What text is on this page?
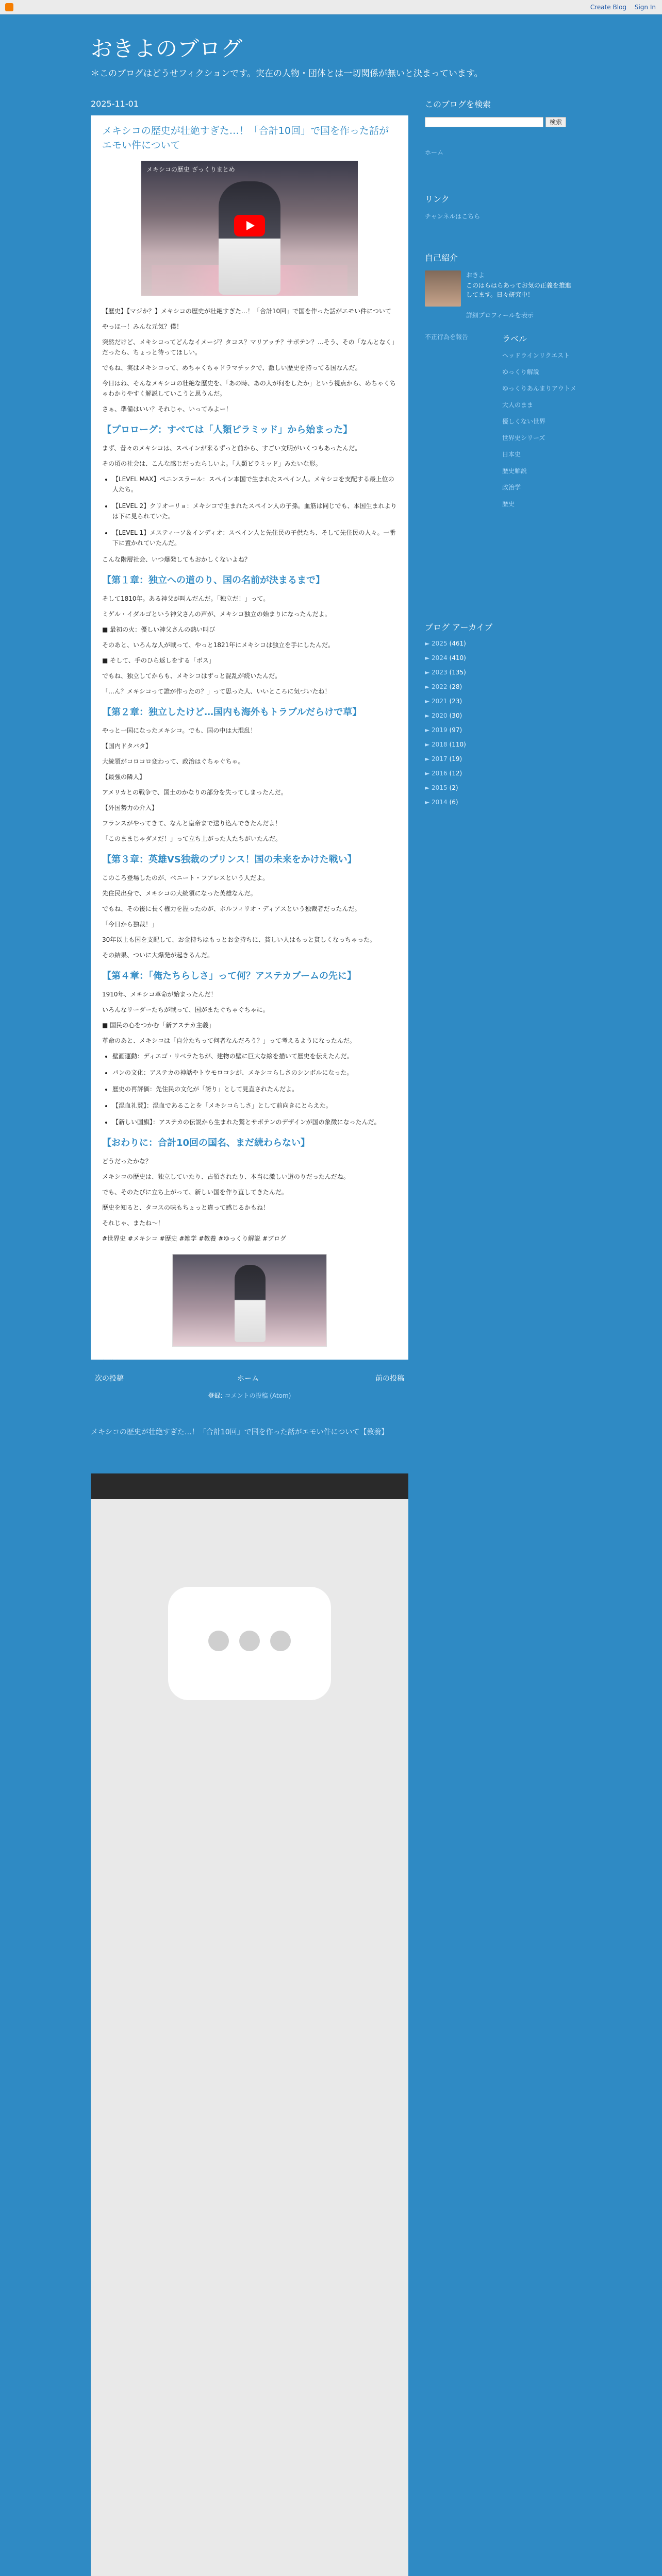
Create Blog Sign In
おきよのブログ
＊このブログはどうせフィクションです。実在の人物・団体とは一切関係が無いと決まっています。
2025-11-01
メキシコの歴史が壮絶すぎた…！「合計10回」で国を作った話がエモい件について
メキシコの歴史 ざっくりまとめ

【歴史】【マジか？】メキシコの歴史が壮絶すぎた…！「合計10回」で国を作った話がエモい件について

やっほー！みんな元気？僕！

突然だけど、メキシコってどんなイメージ？タコス？マリアッチ？サボテン？…そう、その「なんとなく」だったら、ちょっと待ってほしい。

でもね、実はメキシコって、めちゃくちゃドラマチックで、激しい歴史を持ってる国なんだ。

今日はね、そんなメキシコの壮絶な歴史を、「あの時、あの人が何をしたか」という視点から、めちゃくちゃわかりやすく解説していこうと思うんだ。

さぁ、準備はいい？それじゃ、いってみよー！

【プロローグ：すべては「人類ピラミッド」から始まった】

まず、昔々のメキシコは、スペインが来るずっと前から、すごい文明がいくつもあったんだ。

その頃の社会は、こんな感じだったらしいよ。「人類ピラミッド」みたいな形。

• 【LEVEL MAX】ペニンスラール：スペイン本国で生まれたスペイン人。メキシコを支配する最上位の人たち。
• 【LEVEL 2】クリオーリョ：メキシコで生まれたスペイン人の子孫。血筋は同じでも、本国生まれよりは下に見られていた。
• 【LEVEL 1】メスティーソ＆インディオ：スペイン人と先住民の子供たち、そして先住民の人々。一番下に置かれていたんだ。

こんな階層社会、いつ爆発してもおかしくないよね？

【第１章：独立への道のり、国の名前が決まるまで】

そして1810年。ある神父が叫んだんだ。「独立だ！」って。

ミゲル・イダルゴという神父さんの声が、メキシコ独立の始まりになったんだよ。

■ 最初の火：優しい神父さんの熱い叫び

そのあと、いろんな人が戦って、やっと1821年にメキシコは独立を手にしたんだ。

■ そして、手のひら返しをする「ボス」

でもね、独立してからも、メキシコはずっと混乱が続いたんだ。

「…ん？メキシコって誰が作ったの？」って思った人、いいところに気づいたね！

【第２章：独立したけど…国内も海外もトラブルだらけで草】

やっと一国になったメキシコ。でも、国の中は大混乱！

【国内ドタバタ】

大統領がコロコロ変わって、政治はぐちゃぐちゃ。

【最強の隣人】

アメリカとの戦争で、国土のかなりの部分を失ってしまったんだ。

【外国勢力の介入】

フランスがやってきて、なんと皇帝まで送り込んできたんだよ！

「このままじゃダメだ！」って立ち上がった人たちがいたんだ。

【第３章：英雄VS独裁のプリンス！国の未来をかけた戦い】

このころ登場したのが、ベニート・フアレスという人だよ。

先住民出身で、メキシコの大統領になった英雄なんだ。

でもね、その後に長く権力を握ったのが、ポルフィリオ・ディアスという独裁者だったんだ。

「今日から独裁！」

30年以上も国を支配して、お金持ちはもっとお金持ちに、貧しい人はもっと貧しくなっちゃった。

その結果、ついに大爆発が起きるんだ。

【第４章：「俺たちらしさ」って何？アステカブームの先に】

1910年、メキシコ革命が始まったんだ！

いろんなリーダーたちが戦って、国がまたぐちゃぐちゃに。

■ 国民の心をつかむ「新アステカ主義」

革命のあと、メキシコは「自分たちって何者なんだろう？」って考えるようになったんだ。

• 壁画運動：ディエゴ・リベラたちが、建物の壁に巨大な絵を描いて歴史を伝えたんだ。
• パンの文化：アステカの神話やトウモロコシが、メキシコらしさのシンボルになった。
• 歴史の再評価：先住民の文化が「誇り」として見直されたんだよ。
• 【混血礼賛】：混血であることを「メキシコらしさ」として前向きにとらえた。
• 【新しい国旗】：アステカの伝説から生まれた鷲とサボテンのデザインが国の象徴になったんだ。
【おわりに：合計10回の国名、まだ続わらない】

どうだったかな？

メキシコの歴史は、独立していたり、占領されたり、本当に激しい道のりだったんだね。

でも、そのたびに立ち上がって、新しい国を作り直してきたんだ。

歴史を知ると、タコスの味もちょっと違って感じるかもね！

それじゃ、またね～！

#世界史 #メキシコ #歴史 #雑学 #教養 #ゆっくり解説 #ブログ

次の投稿	ホーム	前の投稿
登録: コメントの投稿 (Atom)
メキシコの歴史が壮絶すぎた…！「合計10回」で国を作った話がエモい件について【教養】
このブログを検索
検索
ホーム
リンク
チャンネルはこちら
自己紹介
おきよ
このはらはらあってお気の正義を推進してます。日々研究中！
詳細プロフィールを表示
不正行為を報告	ラベル
ヘッドラインリクエスト
ゆっくり解説
ゆっくりあんまりアウトメ
大人のまま
優しくない世界
世界史シリーズ
日本史
歴史解説
政治学
歴史
ブログ アーカイブ
► 2025 (461)
► 2024 (410)
► 2023 (135)
► 2022 (28)
► 2021 (23)
► 2020 (30)
► 2019 (97)
► 2018 (110)
► 2017 (19)
► 2016 (12)
► 2015 (2)
► 2014 (6)
